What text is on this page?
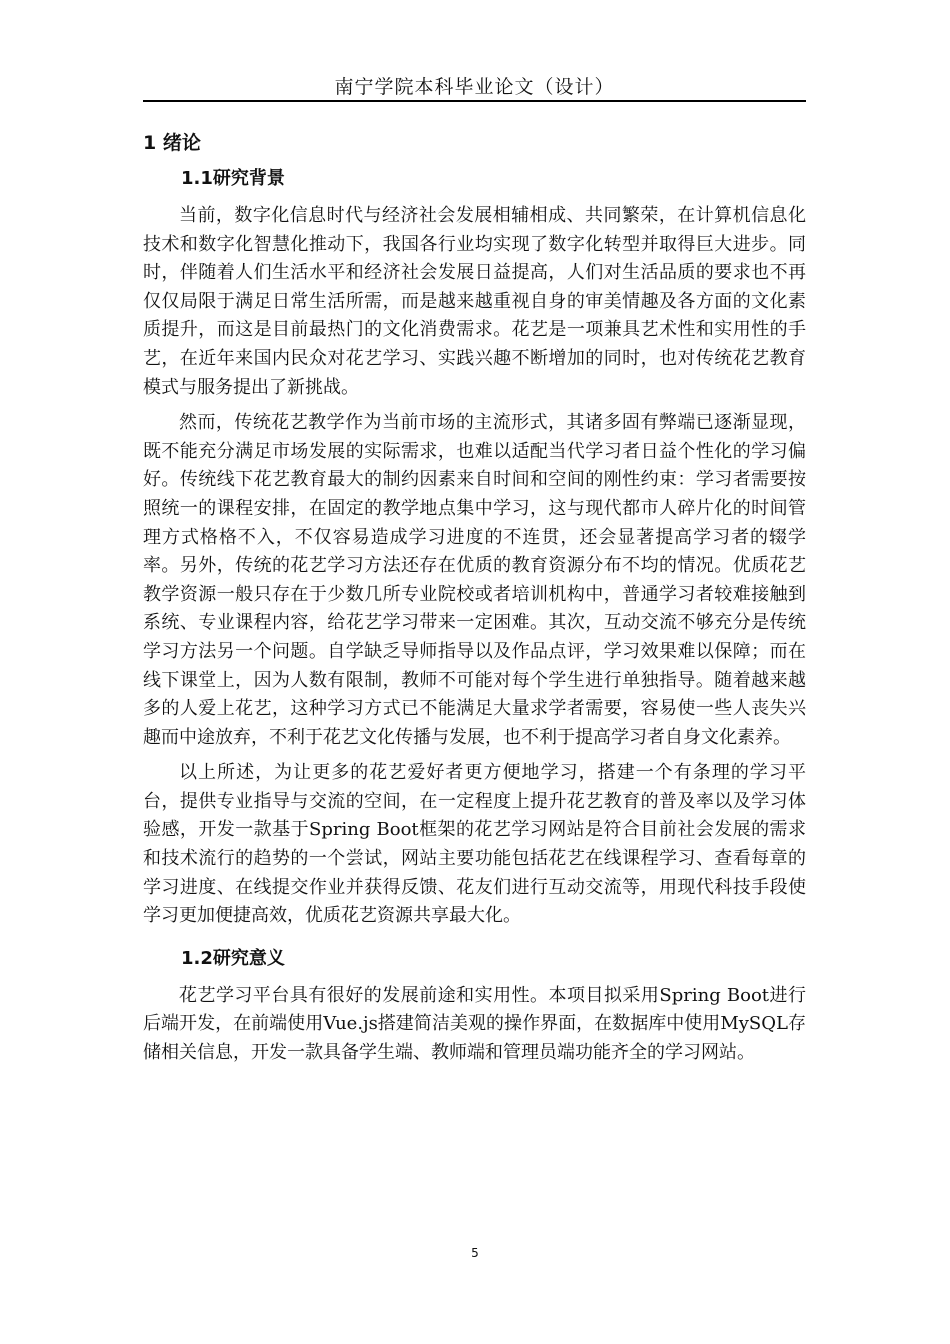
南宁学院本科毕业论文（设计）
1 绪论
1.1研究背景

当前，数字化信息时代与经济社会发展相辅相成、共同繁荣，在计算机信息化技术和数字化智慧化推动下，我国各行业均实现了数字化转型并取得巨大进步。同时，伴随着人们生活水平和经济社会发展日益提高，人们对生活品质的要求也不再仅仅局限于满足日常生活所需，而是越来越重视自身的审美情趣及各方面的文化素质提升，而这是目前最热门的文化消费需求。花艺是一项兼具艺术性和实用性的手艺，在近年来国内民众对花艺学习、实践兴趣不断增加的同时，也对传统花艺教育模式与服务提出了新挑战。

然而，传统花艺教学作为当前市场的主流形式，其诸多固有弊端已逐渐显现，既不能充分满足市场发展的实际需求，也难以适配当代学习者日益个性化的学习偏好。传统线下花艺教育最大的制约因素来自时间和空间的刚性约束：学习者需要按照统一的课程安排，在固定的教学地点集中学习，这与现代都市人碎片化的时间管理方式格格不入，不仅容易造成学习进度的不连贯，还会显著提高学习者的辍学率。另外，传统的花艺学习方法还存在优质的教育资源分布不均的情况。优质花艺教学资源一般只存在于少数几所专业院校或者培训机构中，普通学习者较难接触到系统、专业课程内容，给花艺学习带来一定困难。其次，互动交流不够充分是传统学习方法另一个问题。自学缺乏导师指导以及作品点评，学习效果难以保障；而在线下课堂上，因为人数有限制，教师不可能对每个学生进行单独指导。随着越来越多的人爱上花艺，这种学习方式已不能满足大量求学者需要，容易使一些人丧失兴趣而中途放弃，不利于花艺文化传播与发展，也不利于提高学习者自身文化素养。

以上所述，为让更多的花艺爱好者更方便地学习，搭建一个有条理的学习平台，提供专业指导与交流的空间，在一定程度上提升花艺教育的普及率以及学习体验感，开发一款基于Spring Boot框架的花艺学习网站是符合目前社会发展的需求和技术流行的趋势的一个尝试，网站主要功能包括花艺在线课程学习、查看每章的学习进度、在线提交作业并获得反馈、花友们进行互动交流等，用现代科技手段使学习更加便捷高效，优质花艺资源共享最大化。

1.2研究意义

花艺学习平台具有很好的发展前途和实用性。本项目拟采用Spring Boot进行后端开发，在前端使用Vue.js搭建简洁美观的操作界面，在数据库中使用MySQL存储相关信息，开发一款具备学生端、教师端和管理员端功能齐全的学习网站。

5
